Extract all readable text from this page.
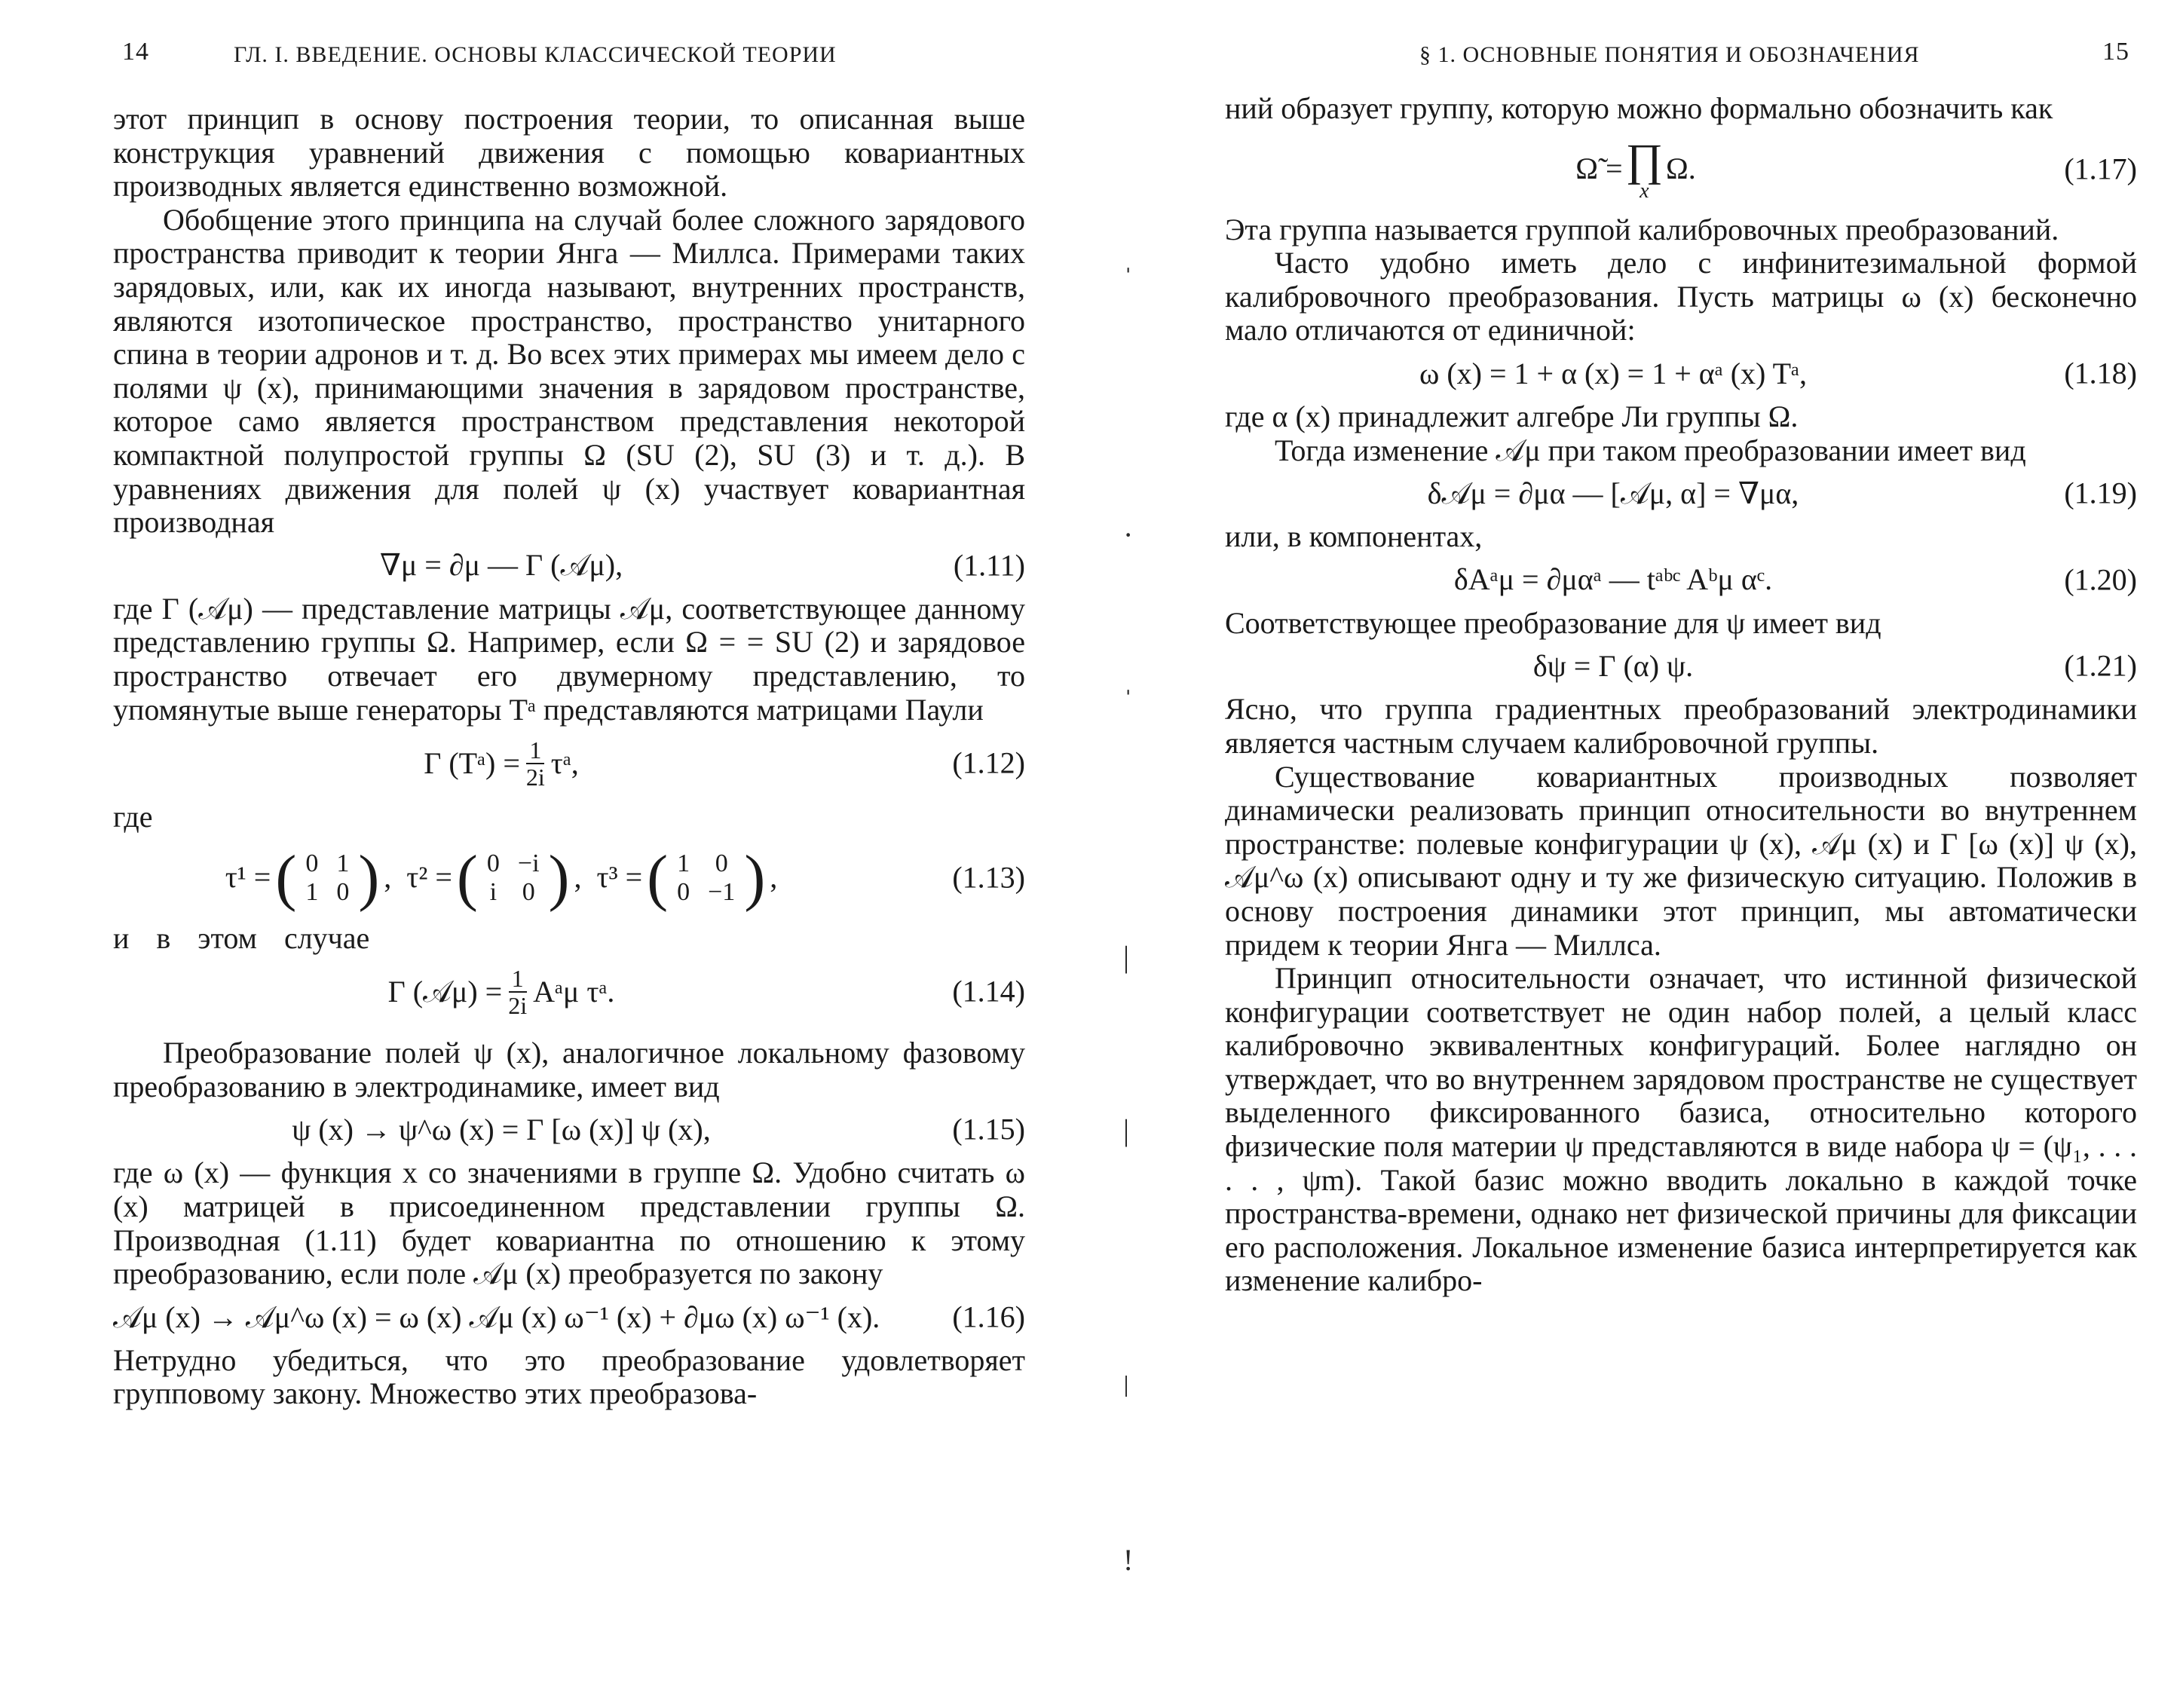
14	ГЛ. I. ВВЕДЕНИЕ. ОСНОВЫ КЛАССИЧЕСКОЙ ТЕОРИИ

этот принцип в основу построения теории, то описанная выше конструкция уравнений движения с помощью ковариантных производных является единственно возможной.

Обобщение этого принципа на случай более сложного зарядового пространства приводит к теории Янга — Миллса. Примерами таких зарядовых, или, как их иногда называют, внутренних пространств, являются изотопическое пространство, пространство унитарного спина в теории адронов и т. д. Во всех этих примерах мы имеем дело с полями ψ (x), принимающими значения в зарядовом пространстве, которое само является пространством представления некоторой компактной полупростой группы Ω (SU (2), SU (3) и т. д.). В уравнениях движения для полей ψ (x) участвует ковариантная производная

∇μ = ∂μ — Γ (𝒜μ),	(1.11)

где Γ (𝒜μ) — представление матрицы 𝒜μ, соответствующее данному представлению группы Ω. Например, если Ω = = SU (2) и зарядовое пространство отвечает его двумерному представлению, то упомянутые выше генераторы Tᵃ представляются матрицами Паули

Γ (Tᵃ) = $\frac{1}{2i}$ τᵃ,	(1.12)

где

τ¹ = ( 0	1
1	0 ) , τ² = ( 0	−i
i	0 ) , τ³ = ( 1	0
0	−1 ) ,	(1.13)

и в этом случае

Γ (𝒜μ) = $\frac{1}{2i}$ Aᵃμ τᵃ.	(1.14)

Преобразование полей ψ (x), аналогичное локальному фазовому преобразованию в электродинамике, имеет вид

ψ (x) → ψ^ω (x) = Γ [ω (x)] ψ (x),	(1.15)

где ω (x) — функция x со значениями в группе Ω. Удобно считать ω (x) матрицей в присоединенном представлении группы Ω. Производная (1.11) будет ковариантна по отношению к этому преобразованию, если поле 𝒜μ (x) преобразуется по закону

𝒜μ (x) → 𝒜μ^ω (x) = ω (x) 𝒜μ (x) ω⁻¹ (x) + ∂μω (x) ω⁻¹ (x).	(1.16)

Нетрудно убедиться, что это преобразование удовлетворяет групповому закону. Множество этих преобразова-

ˈ
·
ˈ
|
|
ǀ
!
§ 1. ОСНОВНЫЕ ПОНЯТИЯ И ОБОЗНАЧЕНИЯ	15

ний образует группу, которую можно формально обозначить как

Ω̃ = ∏
x
Ω.	(1.17)

Эта группа называется группой калибровочных преобразований.

Часто удобно иметь дело с инфинитезимальной формой калибровочного преобразования. Пусть матрицы ω (x) бесконечно мало отличаются от единичной:

ω (x) = 1 + α (x) = 1 + αᵃ (x) Tᵃ,	(1.18)

где α (x) принадлежит алгебре Ли группы Ω.

Тогда изменение 𝒜μ при таком преобразовании имеет вид

δ𝒜μ = ∂μα — [𝒜μ, α] = ∇μα,	(1.19)

или, в компонентах,

δAᵃμ = ∂μαᵃ — tᵃᵇᶜ Aᵇμ αᶜ.	(1.20)

Соответствующее преобразование для ψ имеет вид

δψ = Γ (α) ψ.	(1.21)

Ясно, что группа градиентных преобразований электродинамики является частным случаем калибровочной группы.

Существование ковариантных производных позволяет динамически реализовать принцип относительности во внутреннем пространстве: полевые конфигурации ψ (x), 𝒜μ (x) и Γ [ω (x)] ψ (x), 𝒜μ^ω (x) описывают одну и ту же физическую ситуацию. Положив в основу построения динамики этот принцип, мы автоматически придем к теории Янга — Миллса.

Принцип относительности означает, что истинной физической конфигурации соответствует не один набор полей, а целый класс калибровочно эквивалентных конфигураций. Более наглядно он утверждает, что во внутреннем зарядовом пространстве не существует выделенного фиксированного базиса, относительно которого физические поля материи ψ представляются в виде набора ψ = (ψ₁, . . . . . , ψm). Такой базис можно вводить локально в каждой точке пространства-времени, однако нет физической причины для фиксации его расположения. Локальное изменение базиса интерпретируется как изменение калибро-
